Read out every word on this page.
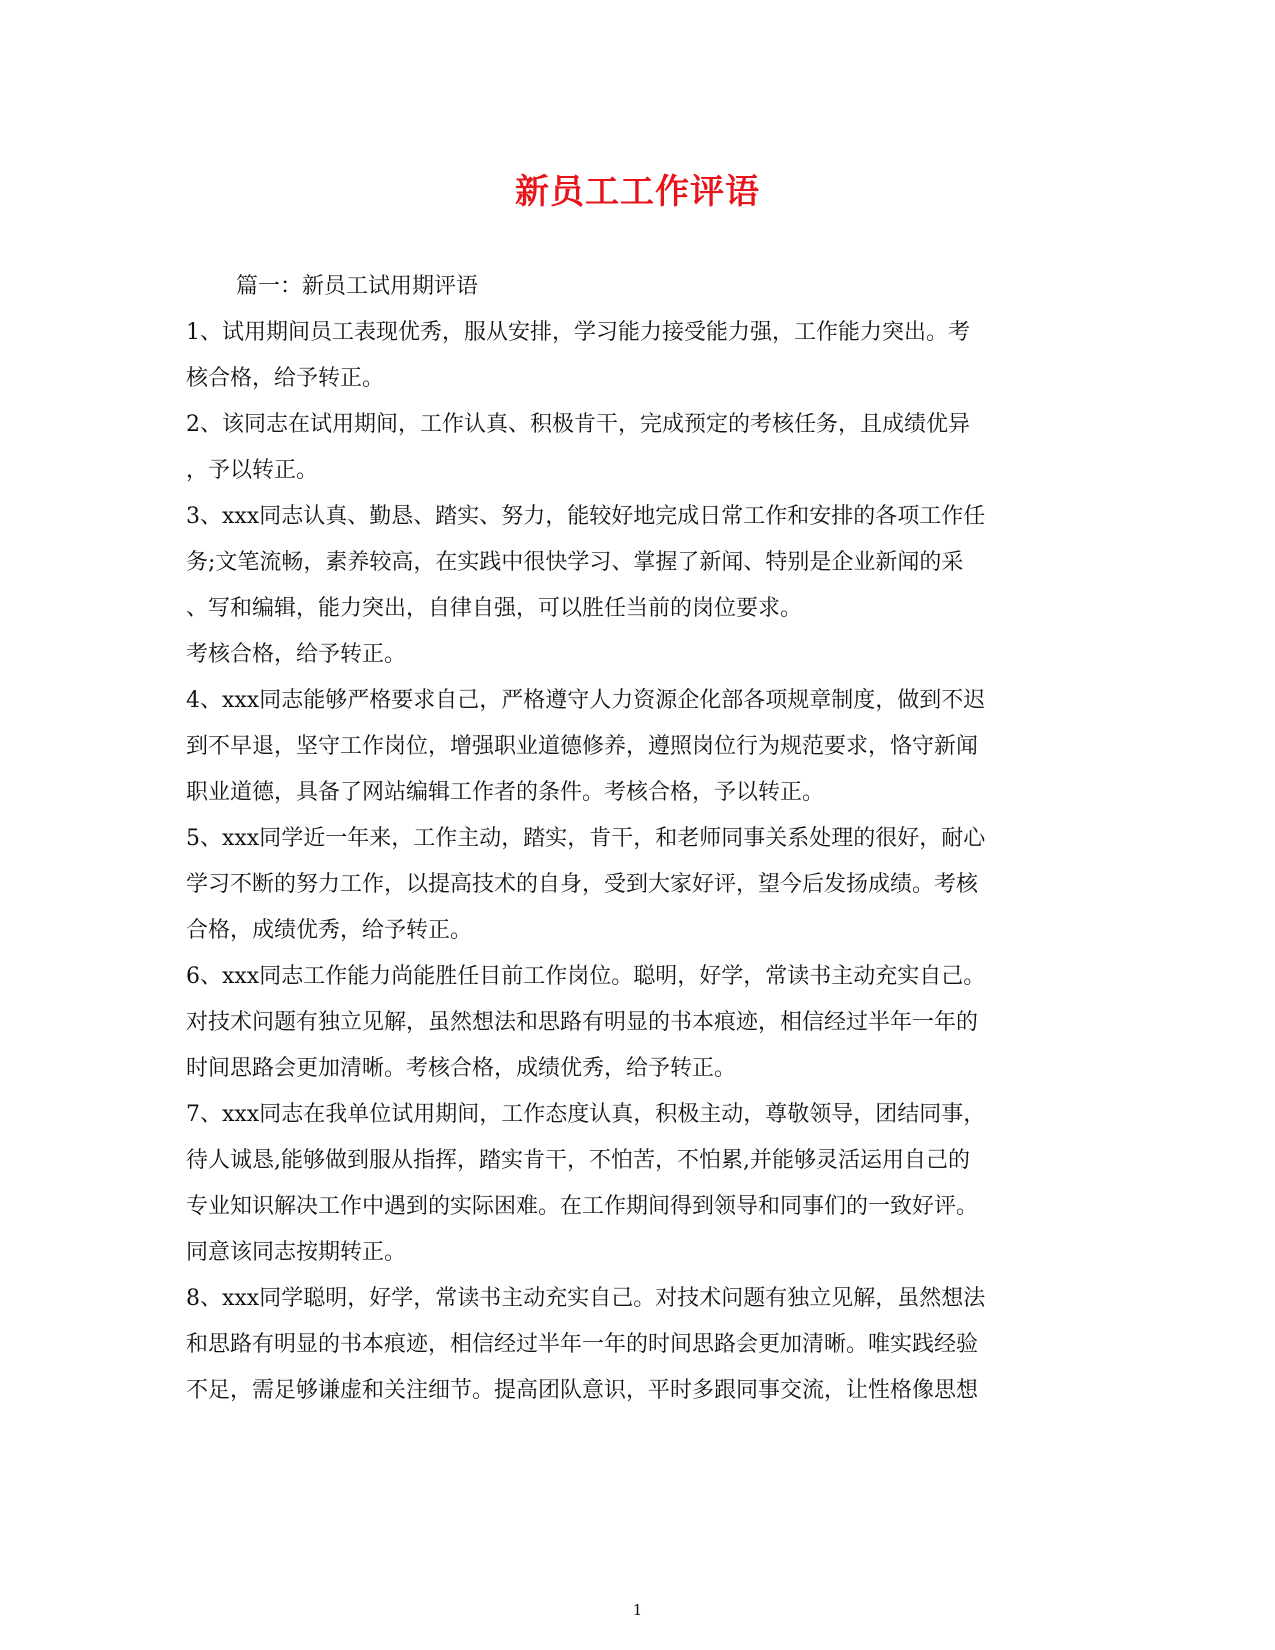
新员工工作评语
篇一：新员工试用期评语
1、试用期间员工表现优秀，服从安排，学习能力接受能力强，工作能力突出。考
核合格，给予转正。
2、该同志在试用期间，工作认真、积极肯干，完成预定的考核任务，且成绩优异
，予以转正。
3、xxx同志认真、勤恳、踏实、努力，能较好地完成日常工作和安排的各项工作任
务;文笔流畅，素养较高，在实践中很快学习、掌握了新闻、特别是企业新闻的采
、写和编辑，能力突出，自律自强，可以胜任当前的岗位要求。
考核合格，给予转正。
4、xxx同志能够严格要求自己，严格遵守人力资源企化部各项规章制度，做到不迟
到不早退，坚守工作岗位，增强职业道德修养，遵照岗位行为规范要求，恪守新闻
职业道德，具备了网站编辑工作者的条件。考核合格，予以转正。
5、xxx同学近一年来，工作主动，踏实，肯干，和老师同事关系处理的很好，耐心
学习不断的努力工作，以提高技术的自身，受到大家好评，望今后发扬成绩。考核
合格，成绩优秀，给予转正。
6、xxx同志工作能力尚能胜任目前工作岗位。聪明，好学，常读书主动充实自己。
对技术问题有独立见解，虽然想法和思路有明显的书本痕迹，相信经过半年一年的
时间思路会更加清晰。考核合格，成绩优秀，给予转正。
7、xxx同志在我单位试用期间，工作态度认真，积极主动，尊敬领导，团结同事，
待人诚恳,能够做到服从指挥，踏实肯干，不怕苦，不怕累,并能够灵活运用自己的
专业知识解决工作中遇到的实际困难。在工作期间得到领导和同事们的一致好评。
同意该同志按期转正。
8、xxx同学聪明，好学，常读书主动充实自己。对技术问题有独立见解，虽然想法
和思路有明显的书本痕迹，相信经过半年一年的时间思路会更加清晰。唯实践经验
不足，需足够谦虚和关注细节。提高团队意识，平时多跟同事交流，让性格像思想
1
